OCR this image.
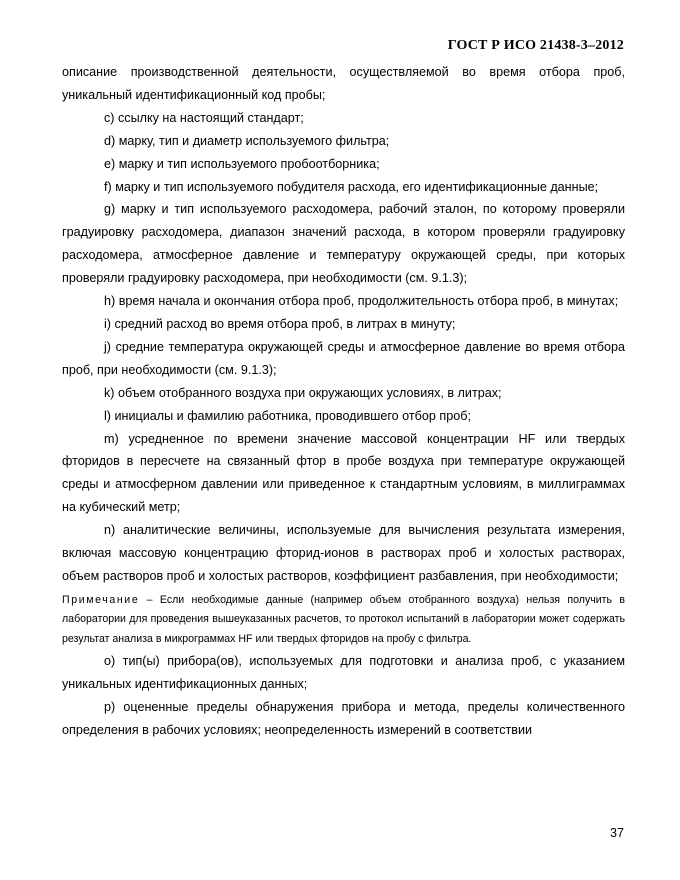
ГОСТ Р ИСО 21438-3–2012

описание производственной деятельности, осуществляемой во время отбора проб, уникальный идентификационный код пробы;

c) ссылку на настоящий стандарт;

d) марку, тип и диаметр используемого фильтра;

e) марку и тип используемого пробоотборника;

f) марку и тип используемого побудителя расхода, его идентификационные данные;

g) марку и тип используемого расходомера, рабочий эталон, по которому проверяли градуировку расходомера, диапазон значений расхода, в котором проверяли градуировку расходомера, атмосферное давление и температуру окружающей среды, при которых проверяли градуировку расходомера, при необходимости (см. 9.1.3);

h) время начала и окончания отбора проб, продолжительность отбора проб, в минутах;

i) средний расход во время отбора проб, в литрах в минуту;

j) средние температура окружающей среды и атмосферное давление во время отбора проб, при необходимости (см. 9.1.3);

k) объем отобранного воздуха при окружающих условиях, в литрах;

l) инициалы и фамилию работника, проводившего отбор проб;

m) усредненное по времени значение массовой концентрации HF или твердых фторидов в пересчете на связанный фтор в пробе воздуха при температуре окружающей среды и атмосферном давлении или приведенное к стандартным условиям, в миллиграммах на кубический метр;

n) аналитические величины, используемые для вычисления результата измерения, включая массовую концентрацию фторид-ионов в растворах проб и холостых растворах, объем растворов проб и холостых растворов, коэффициент разбавления, при необходимости;

Примечание – Если необходимые данные (например объем отобранного воздуха) нельзя получить в лаборатории для проведения вышеуказанных расчетов, то протокол испытаний в лаборатории может содержать результат анализа в микрограммах HF или твердых фторидов на пробу с фильтра.

o) тип(ы) прибора(ов), используемых для подготовки и анализа проб, с указанием уникальных идентификационных данных;

p) оцененные пределы обнаружения прибора и метода, пределы количественного определения в рабочих условиях; неопределенность измерений в соответствии

37
